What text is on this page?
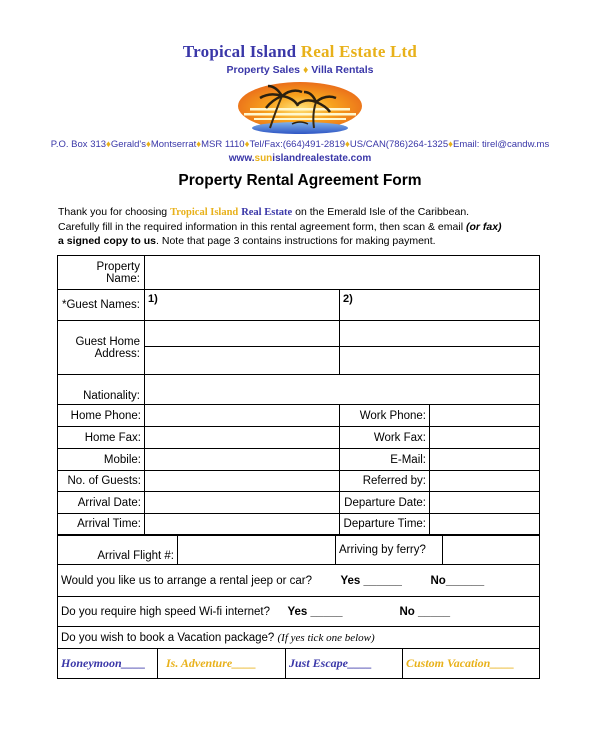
Tropical Island Real Estate Ltd
Property Sales ♦ Villa Rentals
P.O. Box 313♦Gerald's♦Montserrat♦MSR 1110♦Tel/Fax:(664)491-2819♦US/CAN(786)264-1325♦Email: tirel@candw.ms
www.sunislandrealestate.com
Property Rental Agreement Form
Thank you for choosing Tropical Island Real Estate on the Emerald Isle of the Caribbean.
Carefully fill in the required information in this rental agreement form, then scan & email (or fax)
a signed copy to us. Note that page 3 contains instructions for making payment.
Property Name:			
*Guest Names:	1)	2)	
Guest Home Address:			

Nationality:			
Home Phone:		Work Phone:	
Home Fax:		Work Fax:	
Mobile:		E-Mail:	
No. of Guests:		Referred by:	
Arrival Date:		Departure Date:	
Arrival Time:		Departure Time:	
Arrival Flight #:		Arriving by ferry?	
Would you like us to arrange a rental jeep or car? Yes ______ No______

Do you require high speed Wi-fi internet? Yes _____	No _____

Do you wish to book a Vacation package? (If yes tick one below)
Honeymoon____	Is. Adventure____	Just Escape____	Custom Vacation____
